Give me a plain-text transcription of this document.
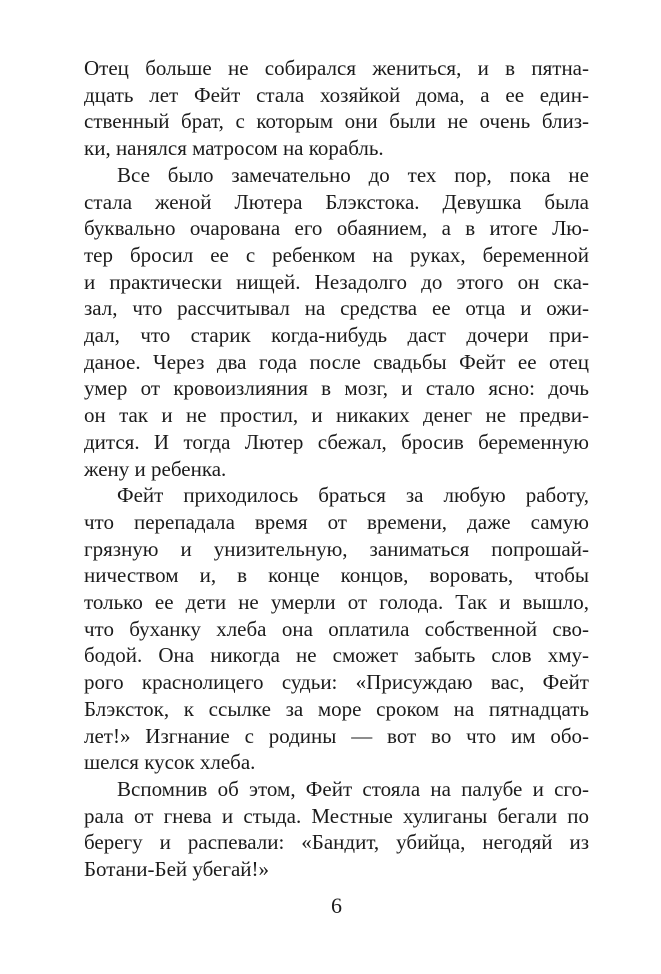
Отец больше не собирался жениться, и в пятна-
дцать лет Фейт стала хозяйкой дома, а ее един-
ственный брат, с которым они были не очень близ-
ки, нанялся матросом на корабль.
Все было замечательно до тех пор, пока не
стала женой Лютера Блэкстока. Девушка была
буквально очарована его обаянием, а в итоге Лю-
тер бросил ее с ребенком на руках, беременной
и практически нищей. Незадолго до этого он ска-
зал, что рассчитывал на средства ее отца и ожи-
дал, что старик когда-нибудь даст дочери при-
даное. Через два года после свадьбы Фейт ее отец
умер от кровоизлияния в мозг, и стало ясно: дочь
он так и не простил, и никаких денег не предви-
дится. И тогда Лютер сбежал, бросив беременную
жену и ребенка.
Фейт приходилось браться за любую работу,
что перепадала время от времени, даже самую
грязную и унизительную, заниматься попрошай-
ничеством и, в конце концов, воровать, чтобы
только ее дети не умерли от голода. Так и вышло,
что буханку хлеба она оплатила собственной сво-
бодой. Она никогда не сможет забыть слов хму-
рого краснолицего судьи: «Присуждаю вас, Фейт
Блэксток, к ссылке за море сроком на пятнадцать
лет!» Изгнание с родины — вот во что им обо-
шелся кусок хлеба.
Вспомнив об этом, Фейт стояла на палубе и сго-
рала от гнева и стыда. Местные хулиганы бегали по
берегу и распевали: «Бандит, убийца, негодяй из
Ботани-Бей убегай!»
6
